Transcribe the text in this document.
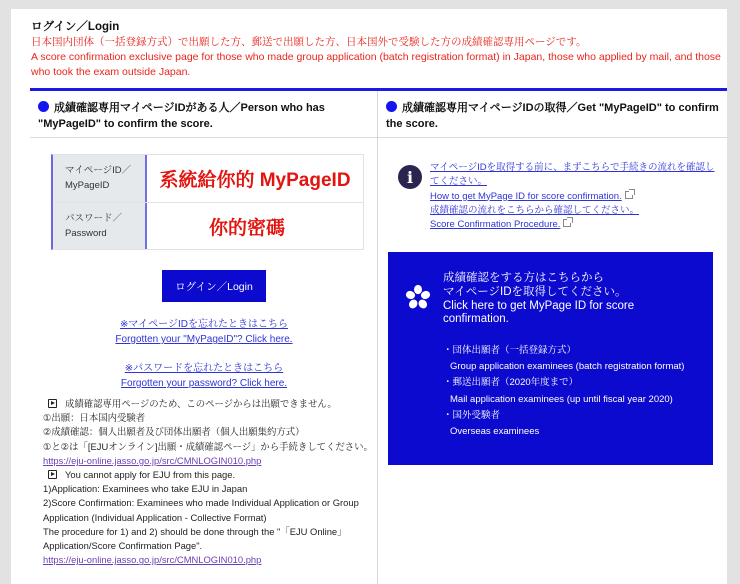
ログイン／Login
日本国内団体（一括登録方式）で出願した方、郵送で出願した方、日本国外で受験した方の成績確認専用ページです。
A score confirmation exclusive page for those who made group application (batch registration format) in Japan, those who applied by mail, and those who took the exam outside Japan.
成績確認専用マイページIDがある人／Person who has "MyPageID" to confirm the score.
マイページID／
MyPageID	系統給你的 MyPageID
パスワード／
Password	你的密碼
ログイン／Login
※マイページIDを忘れたときはこちら
Forgotten your "MyPageID"? Click here.
※パスワードを忘れたときはこちら
Forgotten your password? Click here.
成績確認専用ページのため、このページからは出願できません。
①出願：日本国内受験者
②成績確認：個人出願者及び団体出願者（個人出願集約方式）
①と②は「[EJUオンライン]出願・成績確認ページ」から手続きしてください。
https://eju-online.jasso.go.jp/src/CMNLOGIN010.php
You cannot apply for EJU from this page.
1)Application: Examinees who take EJU in Japan
2)Score Confirmation: Examinees who made Individual Application or Group Application (Individual Application - Collective Format)
The procedure for 1) and 2) should be done through the "「EJU Online」Application/Score Confirmation Page".
https://eju-online.jasso.go.jp/src/CMNLOGIN010.php
成績確認専用マイページIDの取得／Get "MyPageID" to confirm the score.
i	マイページIDを取得する前に、まずこちらで手続きの流れを確認してください。
How to get MyPage ID for score confirmation.
成績確認の流れをこちらから確認してください。
Score Confirmation Procedure.
成績確認をする方はこちらから
マイページIDを取得してください。
Click here to get MyPage ID for score confirmation.
・団体出願者（一括登録方式）
Group application examinees (batch registration format)
・郵送出願者（2020年度まで）
Mail application examinees (up until fiscal year 2020)
・国外受験者
Overseas examinees
